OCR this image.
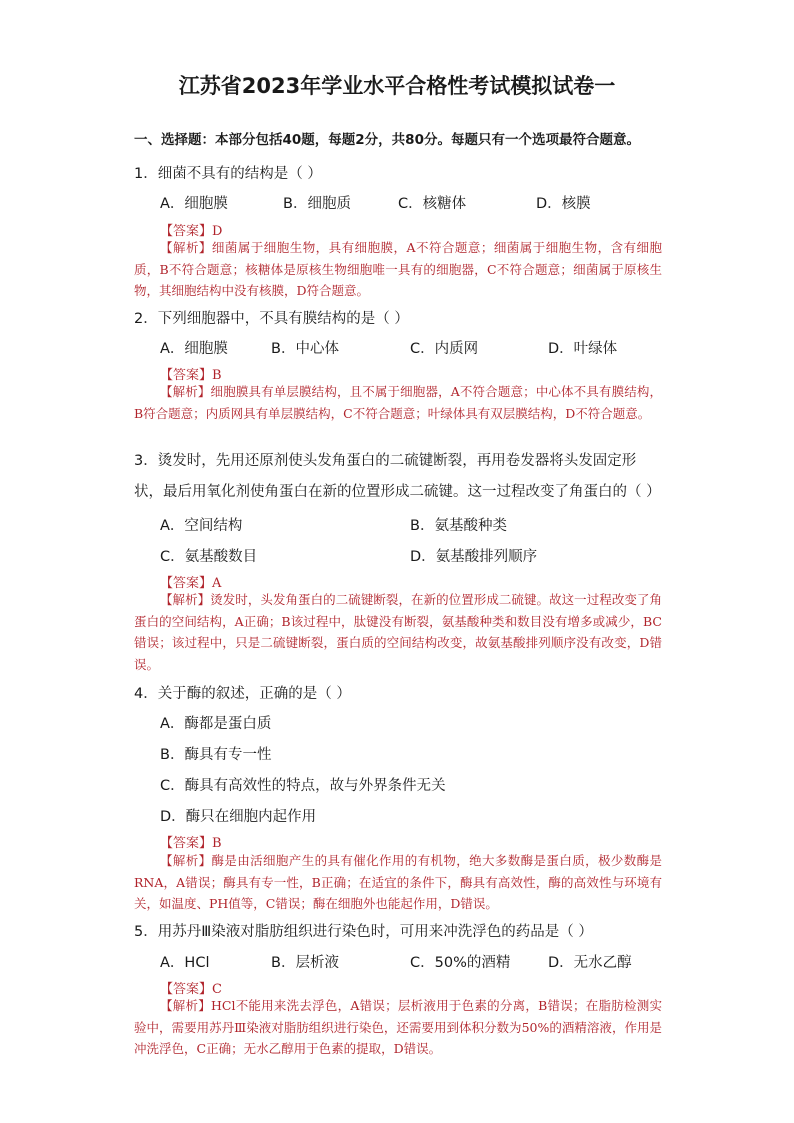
江苏省2023年学业水平合格性考试模拟试卷一
一、选择题：本部分包括40题，每题2分，共80分。每题只有一个选项最符合题意。
1．细菌不具有的结构是（ ）
A．细胞膜	B．细胞质	C．核糖体	D．核膜
【答案】D
【解析】细菌属于细胞生物，具有细胞膜，A不符合题意；细菌属于细胞生物，含有细胞质，B不符合题意；核糖体是原核生物细胞唯一具有的细胞器，C不符合题意；细菌属于原核生物，其细胞结构中没有核膜，D符合题意。
2．下列细胞器中，不具有膜结构的是（ ）
A．细胞膜	B．中心体	C．内质网	D．叶绿体
【答案】B
【解析】细胞膜具有单层膜结构，且不属于细胞器，A不符合题意；中心体不具有膜结构，B符合题意；内质网具有单层膜结构，C不符合题意；叶绿体具有双层膜结构，D不符合题意。
3．烫发时，先用还原剂使头发角蛋白的二硫键断裂，再用卷发器将头发固定形状，最后用氧化剂使角蛋白在新的位置形成二硫键。这一过程改变了角蛋白的（ ）
A．空间结构	B．氨基酸种类
C．氨基酸数目	D．氨基酸排列顺序
【答案】A
【解析】烫发时，头发角蛋白的二硫键断裂，在新的位置形成二硫键。故这一过程改变了角蛋白的空间结构，A正确；B该过程中，肽键没有断裂，氨基酸种类和数目没有增多或减少，BC错误；该过程中，只是二硫键断裂，蛋白质的空间结构改变，故氨基酸排列顺序没有改变，D错误。
4．关于酶的叙述，正确的是（ ）
A．酶都是蛋白质
B．酶具有专一性
C．酶具有高效性的特点，故与外界条件无关
D．酶只在细胞内起作用
【答案】B
【解析】酶是由活细胞产生的具有催化作用的有机物，绝大多数酶是蛋白质，极少数酶是RNA，A错误；酶具有专一性，B正确；在适宜的条件下，酶具有高效性，酶的高效性与环境有关，如温度、PH值等，C错误；酶在细胞外也能起作用，D错误。
5．用苏丹Ⅲ染液对脂肪组织进行染色时，可用来冲洗浮色的药品是（ ）
A．HCl	B．层析液	C．50%的酒精	D．无水乙醇
【答案】C
【解析】HCl不能用来洗去浮色，A错误；层析液用于色素的分离，B错误；在脂肪检测实验中，需要用苏丹Ⅲ染液对脂肪组织进行染色，还需要用到体积分数为50%的酒精溶液，作用是冲洗浮色，C正确；无水乙醇用于色素的提取，D错误。
